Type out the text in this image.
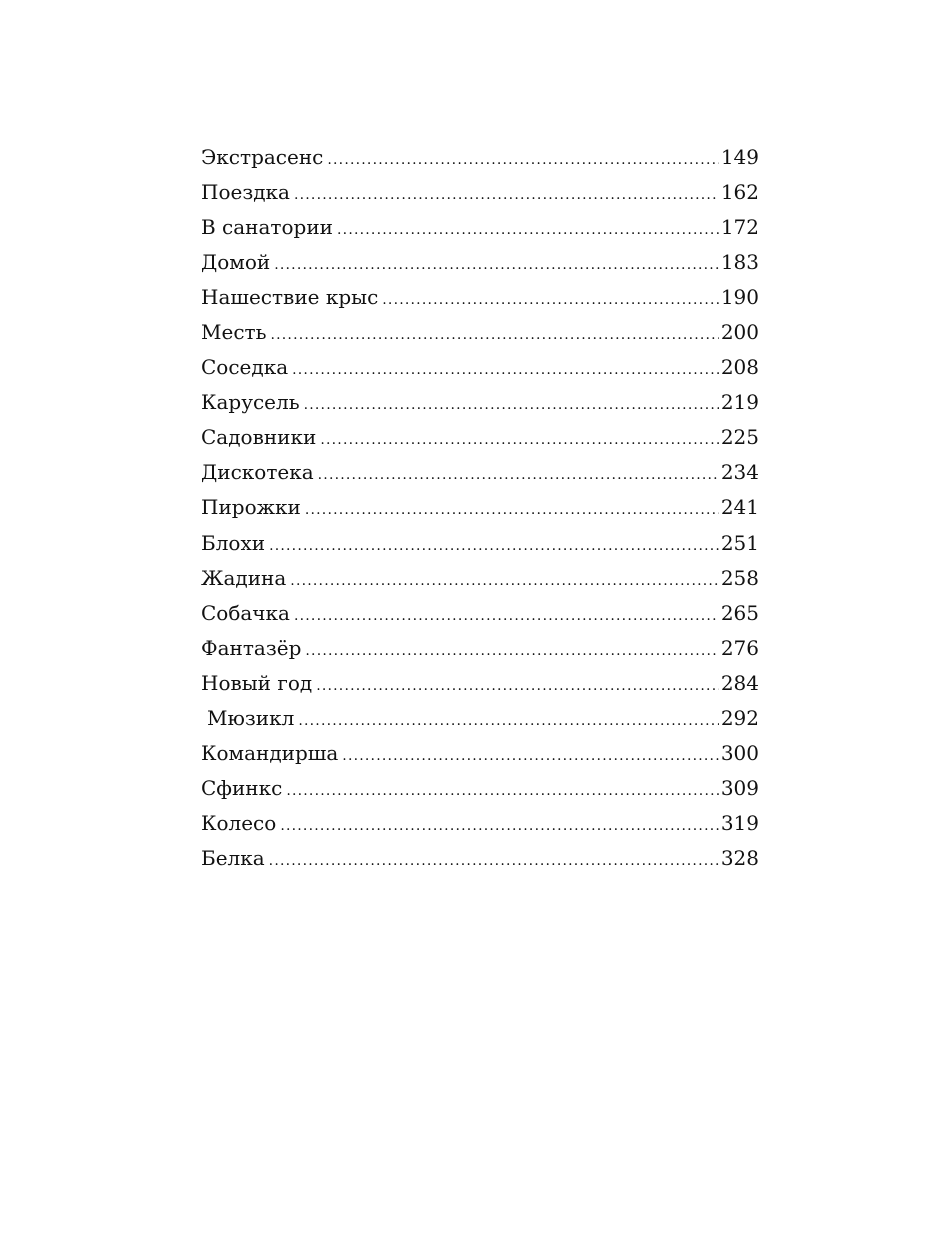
Экстрасенс .....	149
Поездка .....	162
В санатории .....	172
Домой .....	183
Нашествие крыс .....	190
Месть .....	200
Соседка .....	208
Карусель .....	219
Садовники .....	225
Дискотека .....	234
Пирожки .....	241
Блохи .....	251
Жадина .....	258
Собачка .....	265
Фантазёр .....	276
Новый год .....	284
Мюзикл .....	292
Командирша .....	300
Сфинкс .....	309
Колесо .....	319
Белка .....	328
